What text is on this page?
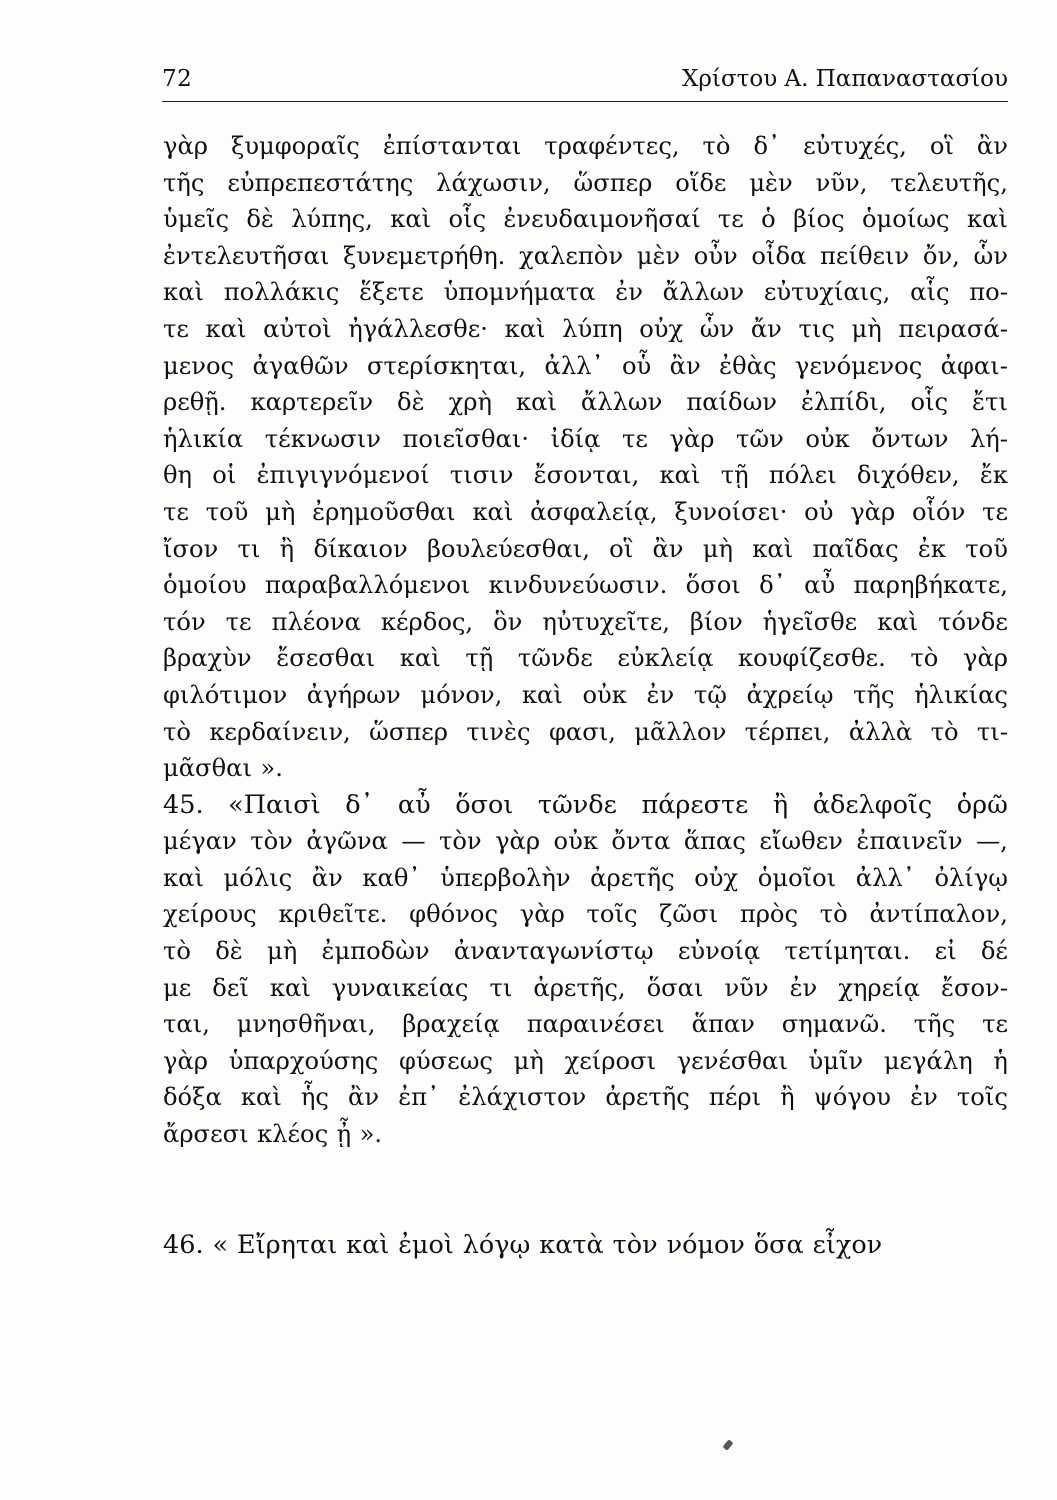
72	Χρίστου Α. Παπαναστασίου
γὰρ ξυμφοραῖς ἐπίστανται τραφέντες, τὸ δ᾽ εὐτυχές, οἳ ἂν
τῆς εὐπρεπεστάτης λάχωσιν, ὥσπερ οἵδε μὲν νῦν, τελευτῆς,
ὑμεῖς δὲ λύπης, καὶ οἷς ἐνευδαιμονῆσαί τε ὁ βίος ὁμοίως καὶ
ἐντελευτῆσαι ξυνεμετρήθη. χαλεπὸν μὲν οὖν οἶδα πείθειν ὄν, ὧν
καὶ πολλάκις ἕξετε ὑπομνήματα ἐν ἄλλων εὐτυχίαις, αἷς πο-
τε καὶ αὐτοὶ ἠγάλλεσθε· καὶ λύπη οὐχ ὧν ἄν τις μὴ πειρασά-
μενος ἀγαθῶν στερίσκηται, ἀλλ᾽ οὗ ἂν ἐθὰς γενόμενος ἀφαι-
ρεθῇ. καρτερεῖν δὲ χρὴ καὶ ἄλλων παίδων ἐλπίδι, οἷς ἔτι
ἡλικία τέκνωσιν ποιεῖσθαι· ἰδίᾳ τε γὰρ τῶν οὐκ ὄντων λή-
θη οἱ ἐπιγιγνόμενοί τισιν ἔσονται, καὶ τῇ πόλει διχόθεν, ἔκ
τε τοῦ μὴ ἐρημοῦσθαι καὶ ἀσφαλείᾳ, ξυνοίσει· οὐ γὰρ οἷόν τε
ἴσον τι ἢ δίκαιον βουλεύεσθαι, οἳ ἂν μὴ καὶ παῖδας ἐκ τοῦ
ὁμοίου παραβαλλόμενοι κινδυνεύωσιν. ὅσοι δ᾽ αὖ παρηβήκατε,
τόν τε πλέονα κέρδος, ὃν ηὐτυχεῖτε, βίον ἡγεῖσθε καὶ τόνδε
βραχὺν ἔσεσθαι καὶ τῇ τῶνδε εὐκλείᾳ κουφίζεσθε. τὸ γὰρ
φιλότιμον ἀγήρων μόνον, καὶ οὐκ ἐν τῷ ἀχρείῳ τῆς ἡλικίας
τὸ κερδαίνειν, ὥσπερ τινὲς φασι, μᾶλλον τέρπει, ἀλλὰ τὸ τι-
μᾶσθαι ».
45. «Παισὶ δ᾽ αὖ ὅσοι τῶνδε πάρεστε ἢ ἀδελφοῖς ὁρῶ
μέγαν τὸν ἀγῶνα — τὸν γὰρ οὐκ ὄντα ἅπας εἴωθεν ἐπαινεῖν —,
καὶ μόλις ἂν καθ᾽ ὑπερβολὴν ἀρετῆς οὐχ ὁμοῖοι ἀλλ᾽ ὀλίγῳ
χείρους κριθεῖτε. φθόνος γὰρ τοῖς ζῶσι πρὸς τὸ ἀντίπαλον,
τὸ δὲ μὴ ἐμποδὼν ἀνανταγωνίστῳ εὐνοίᾳ τετίμηται. εἰ δέ
με δεῖ καὶ γυναικείας τι ἀρετῆς, ὅσαι νῦν ἐν χηρείᾳ ἔσον-
ται, μνησθῆναι, βραχείᾳ παραινέσει ἅπαν σημανῶ. τῆς τε
γὰρ ὑπαρχούσης φύσεως μὴ χείροσι γενέσθαι ὑμῖν μεγάλη ἡ
δόξα καὶ ἧς ἂν ἐπ᾽ ἐλάχιστον ἀρετῆς πέρι ἢ ψόγου ἐν τοῖς
ἄρσεσι κλέος ᾖ ».
46. « Εἴρηται καὶ ἐμοὶ λόγῳ κατὰ τὸν νόμον ὅσα εἶχον
